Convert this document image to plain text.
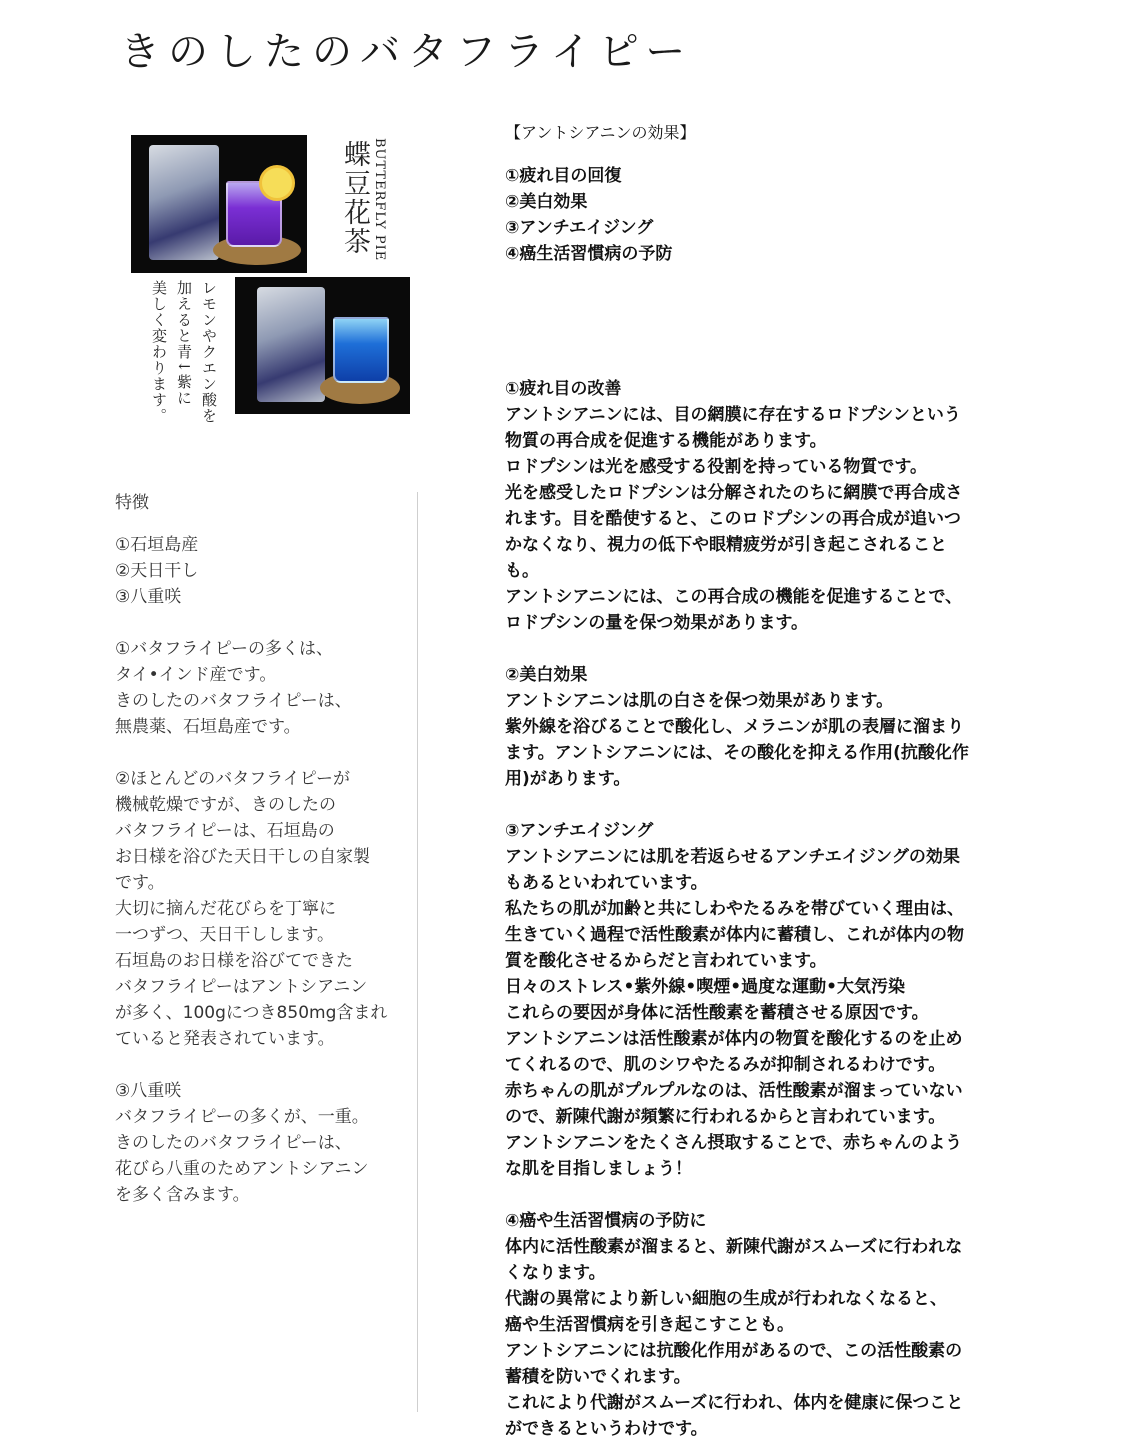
きのしたのバタフライピー
蝶豆花茶 BUTTERFLY PIE
レモンやクエン酸を
加えると青↓紫に
美しく変わります。

特徴

①石垣島産

②天日干し

③八重咲

①バタフライピーの多くは、

タイ•インド産です。

きのしたのバタフライピーは、

無農薬、石垣島産です。

②ほとんどのバタフライピーが

機械乾燥ですが、きのしたの

バタフライピーは、石垣島の

お日様を浴びた天日干しの自家製

です。

大切に摘んだ花びらを丁寧に

一つずつ、天日干しします。

石垣島のお日様を浴びてできた

バタフライピーはアントシアニン

が多く、100gにつき850mg含まれ

ていると発表されています。

③八重咲

バタフライピーの多くが、一重。

きのしたのバタフライピーは、

花びら八重のためアントシアニン

を多く含みます。

【アントシアニンの効果】

①疲れ目の回復

②美白効果

③アンチエイジング

④癌生活習慣病の予防

①疲れ目の改善

アントシアニンには、目の網膜に存在するロドプシンという

物質の再合成を促進する機能があります。

ロドプシンは光を感受する役割を持っている物質です。

光を感受したロドプシンは分解されたのちに網膜で再合成さ

れます。目を酷使すると、このロドプシンの再合成が追いつ

かなくなり、視力の低下や眼精疲労が引き起こされること

も。

アントシアニンには、この再合成の機能を促進することで、

ロドプシンの量を保つ効果があります。

②美白効果

アントシアニンは肌の白さを保つ効果があります。

紫外線を浴びることで酸化し、メラニンが肌の表層に溜まり

ます。アントシアニンには、その酸化を抑える作用(抗酸化作

用)があります。

③アンチエイジング

アントシアニンには肌を若返らせるアンチエイジングの効果

もあるといわれています。

私たちの肌が加齢と共にしわやたるみを帯びていく理由は、

生きていく過程で活性酸素が体内に蓄積し、これが体内の物

質を酸化させるからだと言われています。

日々のストレス•紫外線•喫煙•過度な運動•大気汚染

これらの要因が身体に活性酸素を蓄積させる原因です。

アントシアニンは活性酸素が体内の物質を酸化するのを止め

てくれるので、肌のシワやたるみが抑制されるわけです。

赤ちゃんの肌がプルプルなのは、活性酸素が溜まっていない

ので、新陳代謝が頻繁に行われるからと言われています。

アントシアニンをたくさん摂取することで、赤ちゃんのよう

な肌を目指しましょう！

④癌や生活習慣病の予防に

体内に活性酸素が溜まると、新陳代謝がスムーズに行われな

くなります。

代謝の異常により新しい細胞の生成が行われなくなると、

癌や生活習慣病を引き起こすことも。

アントシアニンには抗酸化作用があるので、この活性酸素の

蓄積を防いでくれます。

これにより代謝がスムーズに行われ、体内を健康に保つこと

ができるというわけです。
